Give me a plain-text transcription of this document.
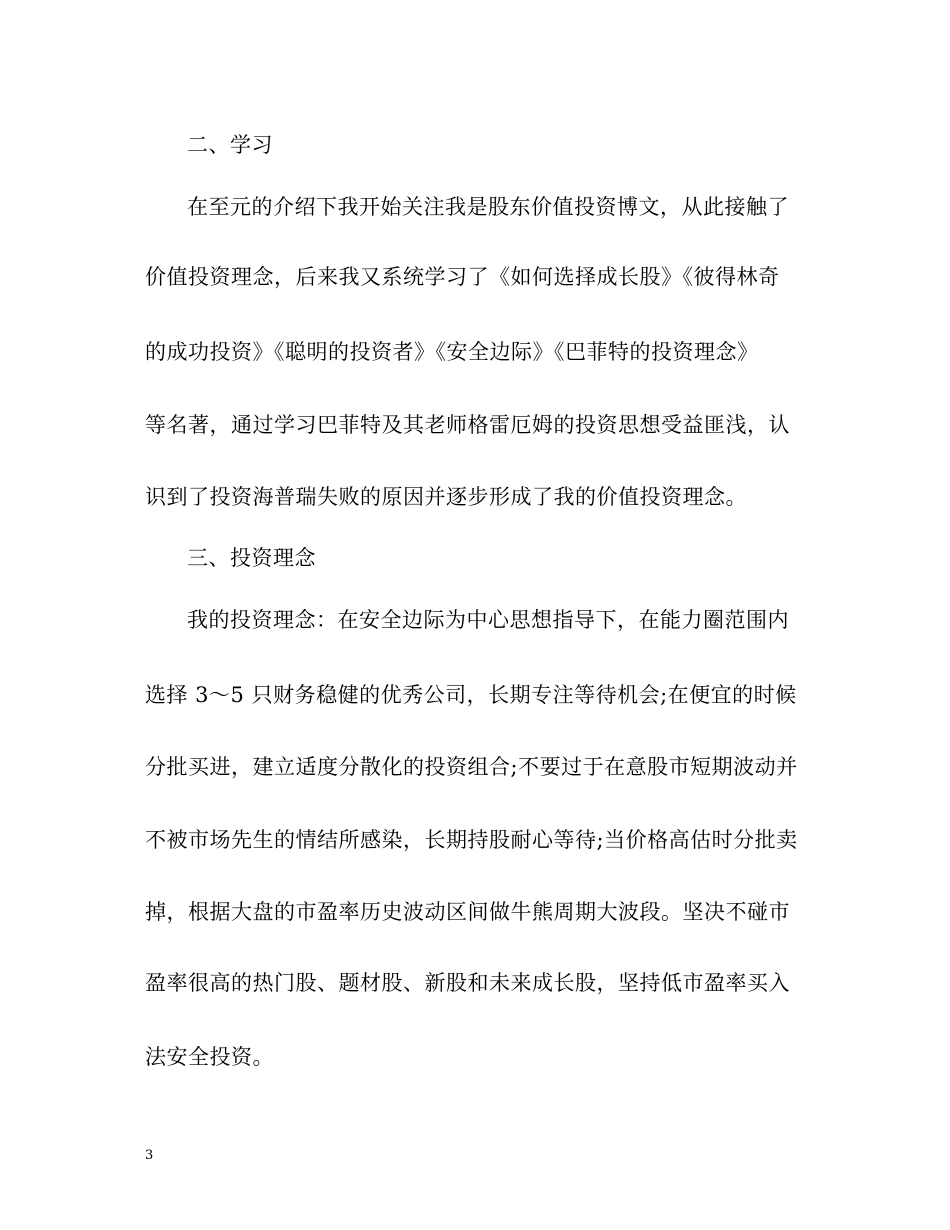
二、学习
在至元的介绍下我开始关注我是股东价值投资博文，从此接触了
价值投资理念，后来我又系统学习了《如何选择成长股》《彼得林奇
的成功投资》《聪明的投资者》《安全边际》《巴菲特的投资理念》
等名著，通过学习巴菲特及其老师格雷厄姆的投资思想受益匪浅，认
识到了投资海普瑞失败的原因并逐步形成了我的价值投资理念。
三、投资理念
我的投资理念：在安全边际为中心思想指导下，在能力圈范围内
选择 3～5 只财务稳健的优秀公司，长期专注等待机会;在便宜的时候
分批买进，建立适度分散化的投资组合;不要过于在意股市短期波动并
不被市场先生的情结所感染，长期持股耐心等待;当价格高估时分批卖
掉，根据大盘的市盈率历史波动区间做牛熊周期大波段。坚决不碰市
盈率很高的热门股、题材股、新股和未来成长股，坚持低市盈率买入
法安全投资。
3
